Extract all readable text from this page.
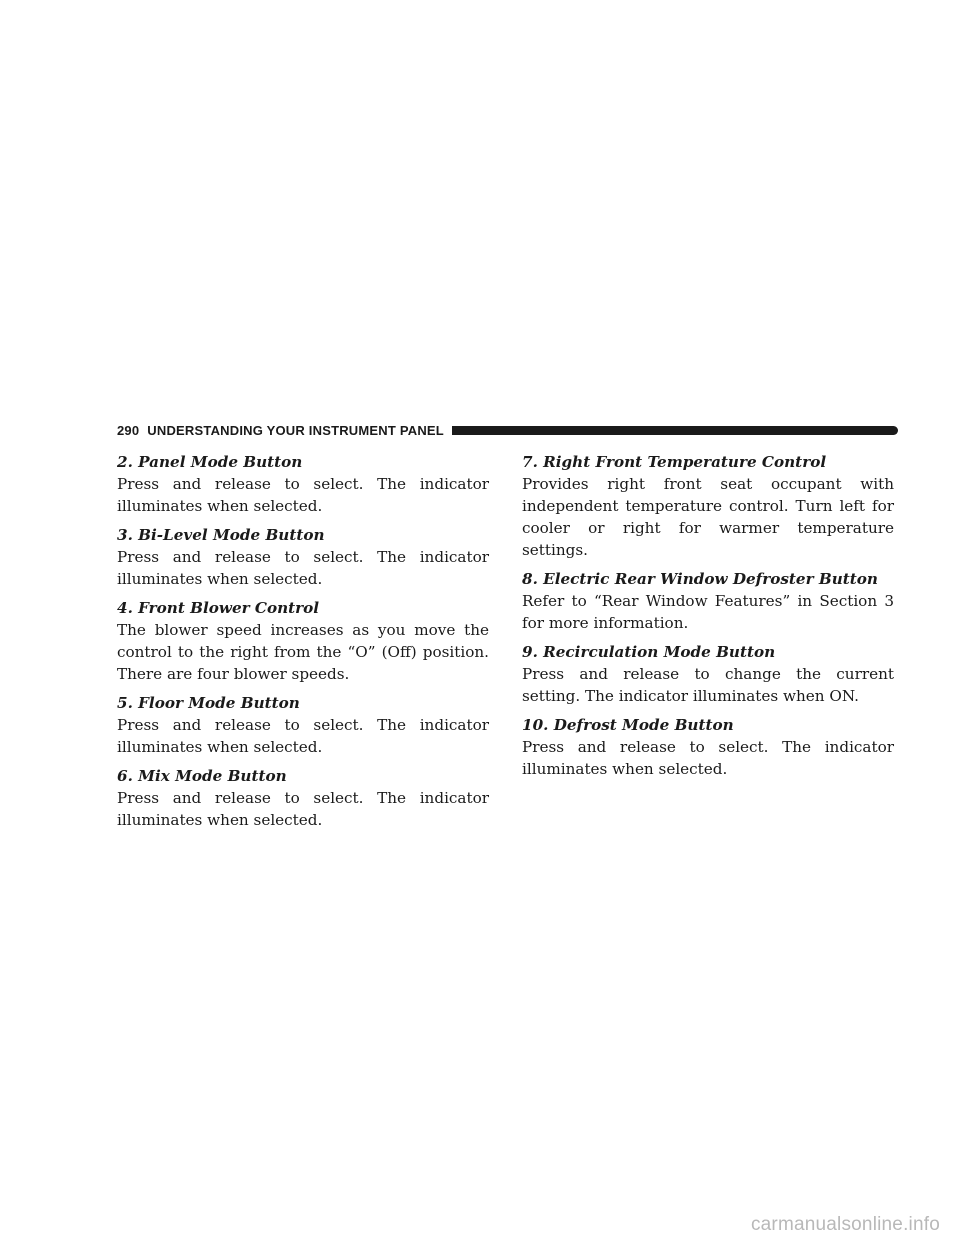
290 UNDERSTANDING YOUR INSTRUMENT PANEL
2. Panel Mode Button
Press and release to select. The indicator illuminates when selected.
3. Bi-Level Mode Button
Press and release to select. The indicator illuminates when selected.
4. Front Blower Control
The blower speed increases as you move the control to the right from the “O” (Off) position. There are four blower speeds.
5. Floor Mode Button
Press and release to select. The indicator illuminates when selected.
6. Mix Mode Button
Press and release to select. The indicator illuminates when selected.
7. Right Front Temperature Control
Provides right front seat occupant with independent temperature control. Turn left for cooler or right for warmer temperature settings.
8. Electric Rear Window Defroster Button
Refer to “Rear Window Features” in Section 3 for more information.
9. Recirculation Mode Button
Press and release to change the current setting. The indicator illuminates when ON.
10. Defrost Mode Button
Press and release to select. The indicator illuminates when selected.
carmanualsonline.info
